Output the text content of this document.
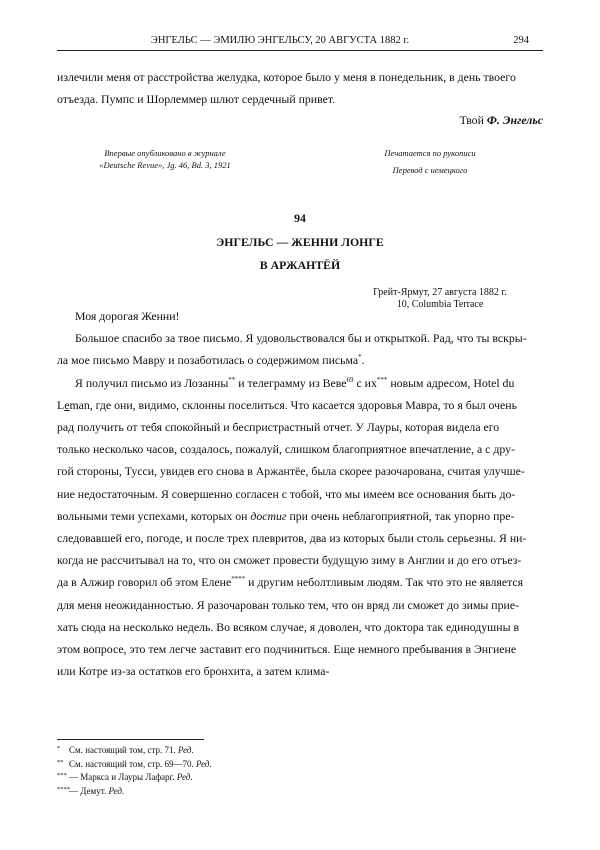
ЭНГЕЛЬС — ЭМИЛЮ ЭНГЕЛЬСУ, 20 АВГУСТА 1882 г.	294
излечили меня от расстройства желудка, которое было у меня в понедельник, в день твоего
отъезда. Пумпс и Шорлеммер шлют сердечный привет.
Твой Ф. Энгельс
Впервые опубликовано в журнале
«Deutsche Revue», Jg. 46, Bd. 3, 1921
Печатается по рукописи
Перевод с немецкого
94
ЭНГЕЛЬС — ЖЕННИ ЛОНГЕ
В АРЖАНТЁЙ
Грейт-Ярмут, 27 августа 1882 г.
10, Columbia Terrace
Моя дорогая Женни!
Большое спасибо за твое письмо. Я удовольствовался бы и открыткой. Рад, что ты вскры-
ла мое письмо Мавру и позаботилась о содержимом письма*.
Я получил письмо из Лозанны** и телеграмму из Веве$^{69}$ с их*** новым адресом, Hotel du
Leman, где они, видимо, склонны поселиться. Что касается здоровья Мавра, то я был очень
рад получить от тебя спокойный и беспристрастный отчет. У Лауры, которая видела его
только несколько часов, создалось, пожалуй, слишком благоприятное впечатление, а с дру-
гой стороны, Тусси, увидев его снова в Аржантёе, была скорее разочарована, считая улучше-
ние недостаточным. Я совершенно согласен с тобой, что мы имеем все основания быть до-
вольными теми успехами, которых он достиг при очень неблагоприятной, так упорно пре-
следовавшей его, погоде, и после трех плевритов, два из которых были столь серьезны. Я ни-
когда не рассчитывал на то, что он сможет провести будущую зиму в Англии и до его отъез-
да в Алжир говорил об этом Елене**** и другим неболтливым людям. Так что это не является
для меня неожиданностью. Я разочарован только тем, что он вряд ли сможет до зимы прие-
хать сюда на несколько недель. Во всяком случае, я доволен, что доктора так единодушны в
этом вопросе, это тем легче заставит его подчиниться. Еще немного пребывания в Энгиене
или Котре из-за остатков его бронхита, а затем клима-
* См. настоящий том, стр. 71. Ред.
** См. настоящий том, стр. 69—70. Ред.
*** — Маркса и Лауры Лафарг. Ред.
****— Демут. Ред.
